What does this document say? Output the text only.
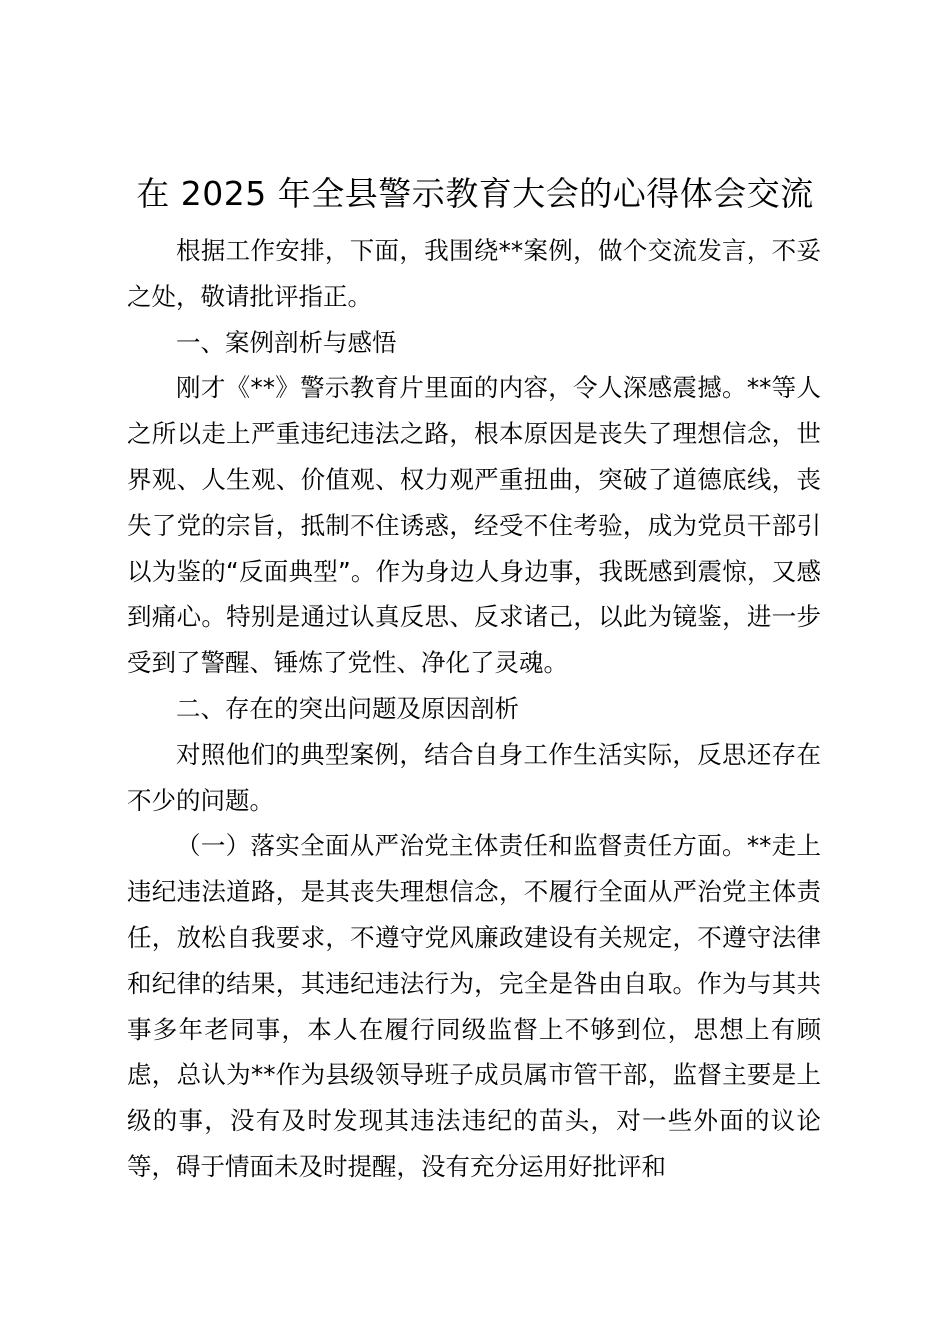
在 2025 年全县警示教育大会的心得体会交流

根据工作安排，下面，我围绕**案例，做个交流发言，不妥之处，敬请批评指正。

一、案例剖析与感悟

刚才《**》警示教育片里面的内容，令人深感震撼。**等人之所以走上严重违纪违法之路，根本原因是丧失了理想信念，世界观、人生观、价值观、权力观严重扭曲，突破了道德底线，丧失了党的宗旨，抵制不住诱惑，经受不住考验，成为党员干部引以为鉴的“反面典型”。作为身边人身边事，我既感到震惊，又感到痛心。特别是通过认真反思、反求诸己，以此为镜鉴，进一步受到了警醒、锤炼了党性、净化了灵魂。

二、存在的突出问题及原因剖析

对照他们的典型案例，结合自身工作生活实际，反思还存在不少的问题。

（一）落实全面从严治党主体责任和监督责任方面。**走上违纪违法道路，是其丧失理想信念，不履行全面从严治党主体责任，放松自我要求，不遵守党风廉政建设有关规定，不遵守法律和纪律的结果，其违纪违法行为，完全是咎由自取。作为与其共事多年老同事，本人在履行同级监督上不够到位，思想上有顾虑，总认为**作为县级领导班子成员属市管干部，监督主要是上级的事，没有及时发现其违法违纪的苗头，对一些外面的议论等，碍于情面未及时提醒，没有充分运用好批评和
